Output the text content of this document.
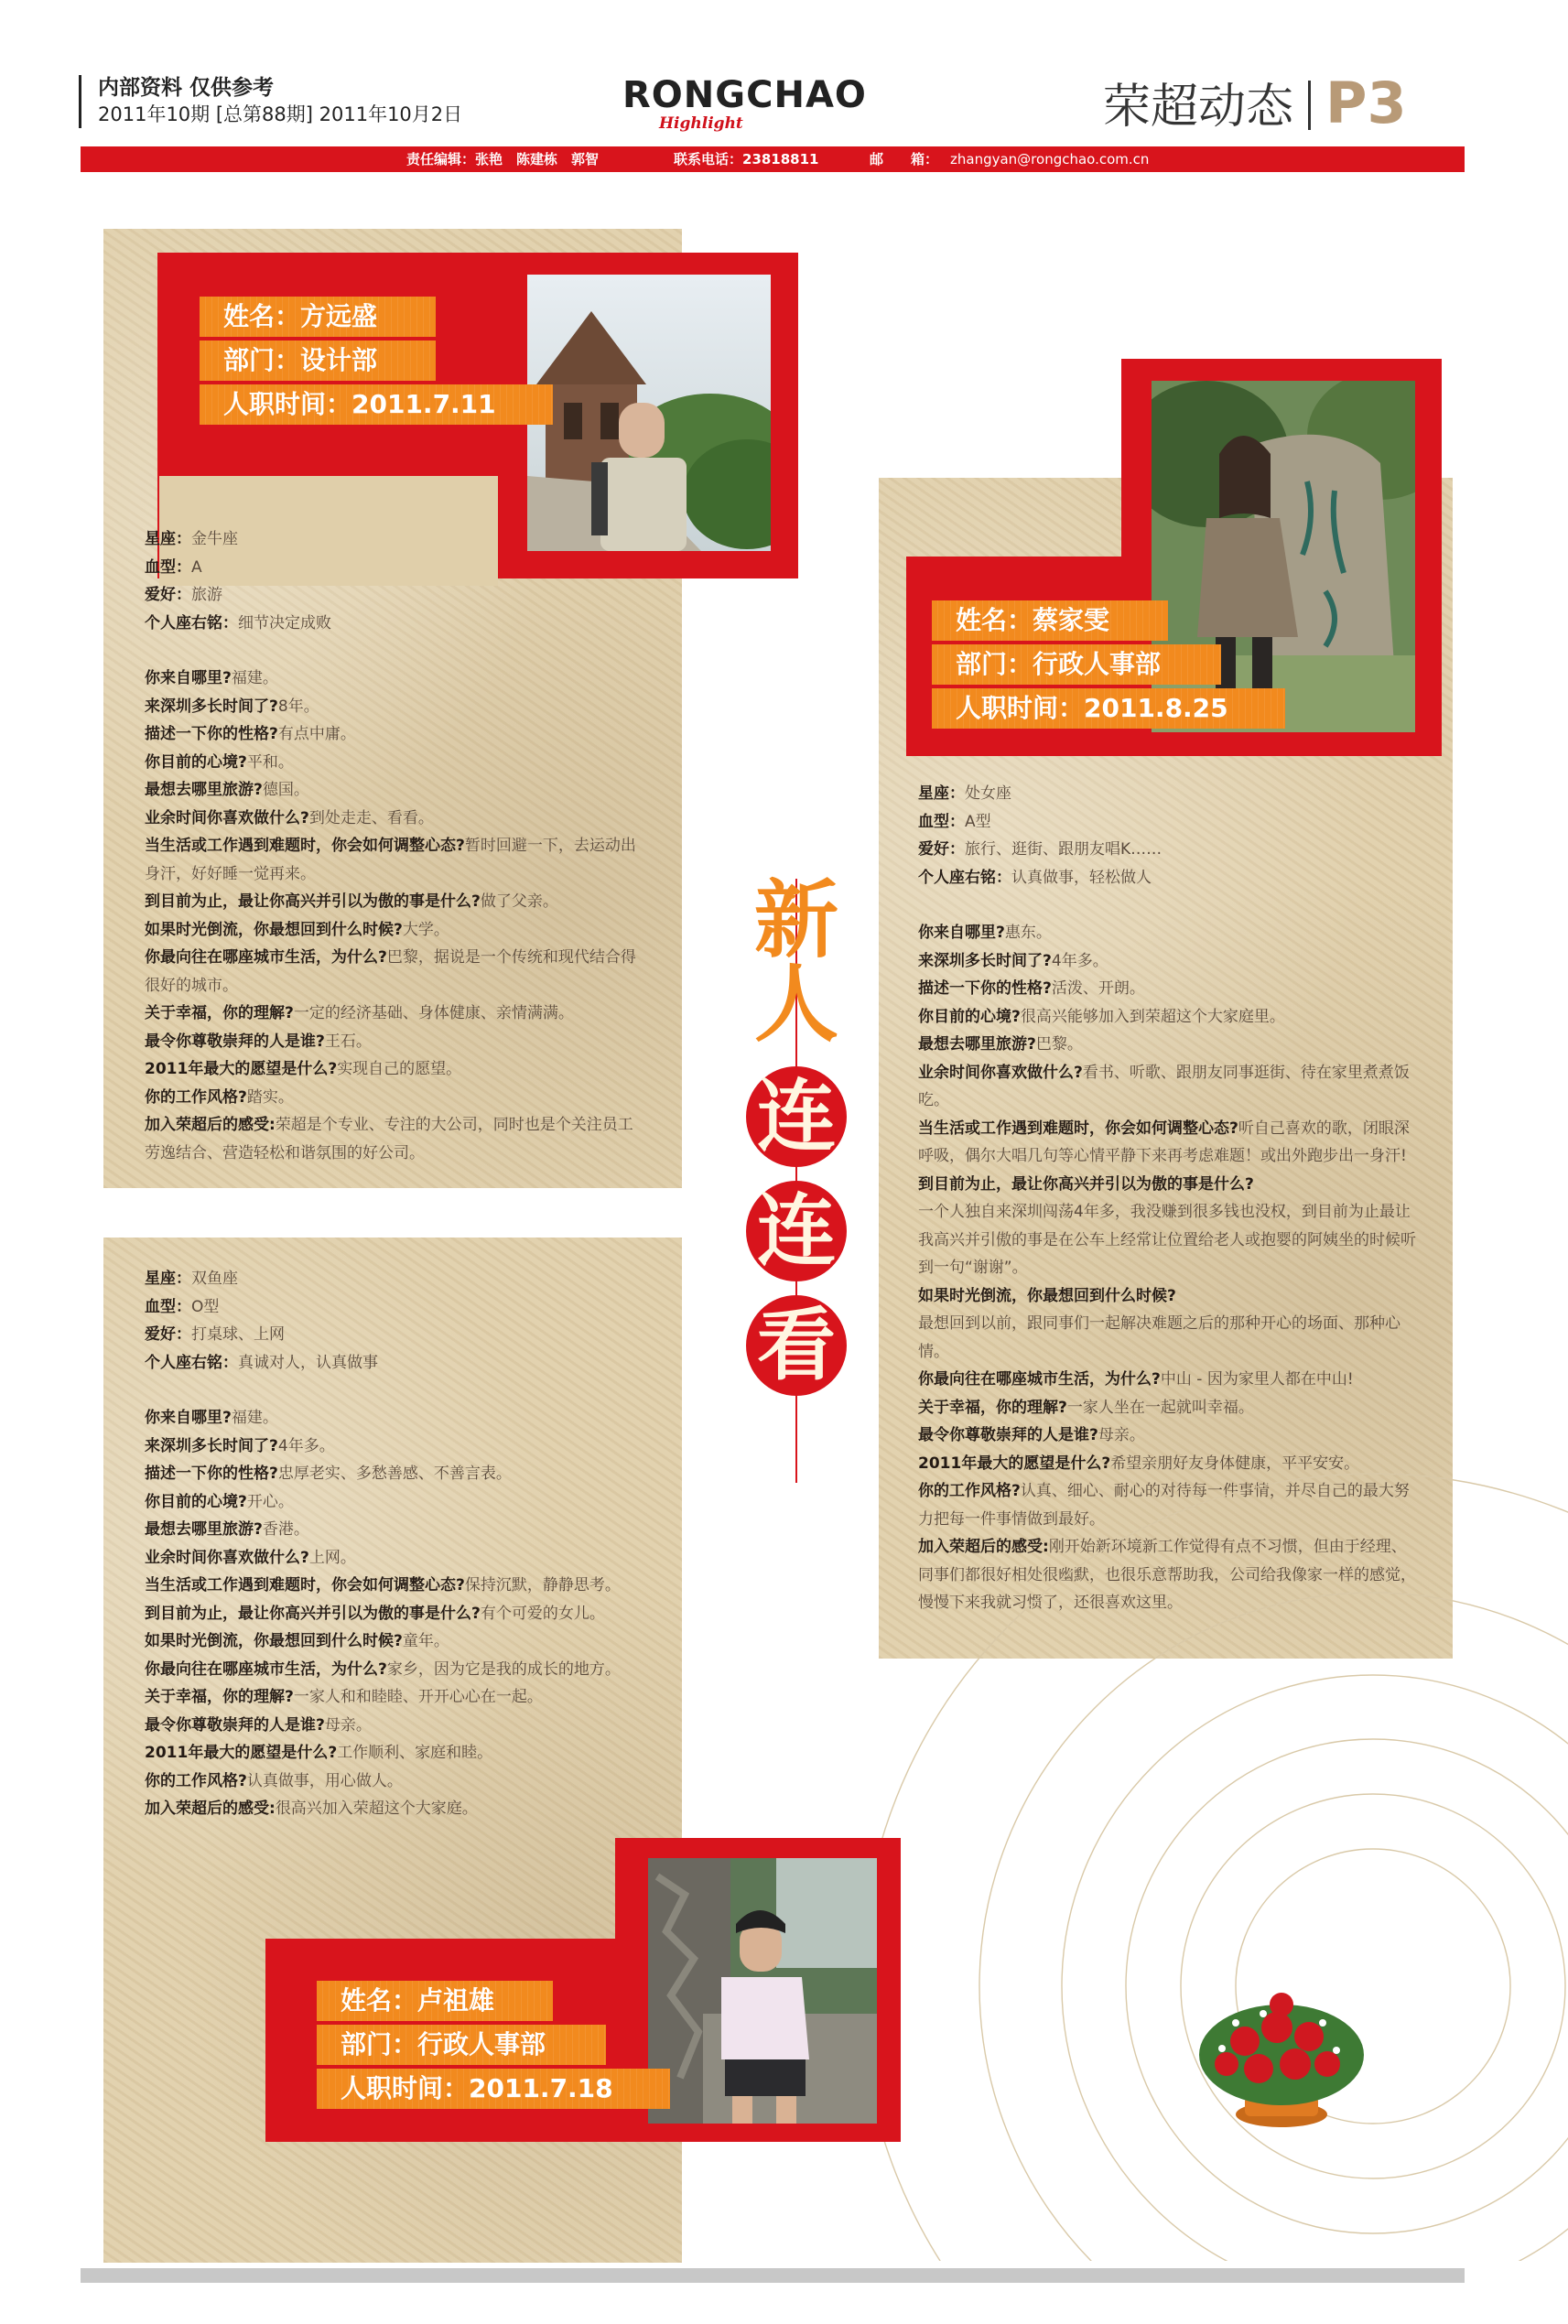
内部资料 仅供参考
2011年10期 [总第88期] 2011年10月2日	RONGCHAO
Highlight	荣超动态 P3
责任编辑：张艳　陈建栋　郭智	联系电话：23818811	邮　　箱： zhangyan@rongchao.com.cn
姓名：方远盛
部门：设计部
人职时间：2011.7.11
星座：金牛座
血型：A
爱好：旅游
个人座右铭：细节决定成败
你来自哪里?福建。
来深圳多长时间了?8年。
描述一下你的性格?有点中庸。
你目前的心境?平和。
最想去哪里旅游?德国。
业余时间你喜欢做什么?到处走走、看看。
当生活或工作遇到难题时，你会如何调整心态?暂时回避一下，去运动出身汗，好好睡一觉再来。
到目前为止，最让你高兴并引以为傲的事是什么?做了父亲。
如果时光倒流，你最想回到什么时候?大学。
你最向往在哪座城市生活，为什么?巴黎，据说是一个传统和现代结合得很好的城市。
关于幸福，你的理解?一定的经济基础、身体健康、亲情满满。
最令你尊敬崇拜的人是谁?王石。
2011年最大的愿望是什么?实现自己的愿望。
你的工作风格?踏实。
加入荣超后的感受:荣超是个专业、专注的大公司，同时也是个关注员工劳逸结合、营造轻松和谐氛围的好公司。
姓名：蔡家雯
部门：行政人事部
人职时间：2011.8.25
星座：处女座
血型：A型
爱好：旅行、逛街、跟朋友唱K……
个人座右铭：认真做事，轻松做人
你来自哪里?惠东。
来深圳多长时间了?4年多。
描述一下你的性格?活泼、开朗。
你目前的心境?很高兴能够加入到荣超这个大家庭里。
最想去哪里旅游?巴黎。
业余时间你喜欢做什么?看书、听歌、跟朋友同事逛街、待在家里煮煮饭吃。
当生活或工作遇到难题时，你会如何调整心态?听自己喜欢的歌，闭眼深呼吸，偶尔大唱几句等心情平静下来再考虑难题！或出外跑步出一身汗!
到目前为止，最让你高兴并引以为傲的事是什么?
一个人独自来深圳闯荡4年多，我没赚到很多钱也没权，到目前为止最让我高兴并引傲的事是在公车上经常让位置给老人或抱婴的阿姨坐的时候听到一句“谢谢”。
如果时光倒流，你最想回到什么时候?
最想回到以前，跟同事们一起解决难题之后的那种开心的场面、那种心情。
你最向往在哪座城市生活，为什么?中山 - 因为家里人都在中山!
关于幸福，你的理解?一家人坐在一起就叫幸福。
最令你尊敬崇拜的人是谁?母亲。
2011年最大的愿望是什么?希望亲朋好友身体健康，平平安安。
你的工作风格?认真、细心、耐心的对待每一件事情，并尽自己的最大努力把每一件事情做到最好。
加入荣超后的感受:刚开始新环境新工作觉得有点不习惯，但由于经理、同事们都很好相处很幽默，也很乐意帮助我，公司给我像家一样的感觉，慢慢下来我就习惯了，还很喜欢这里。
新
人
连
连
看
星座：双鱼座
血型：O型
爱好：打桌球、上网
个人座右铭：真诚对人，认真做事
你来自哪里?福建。
来深圳多长时间了?4年多。
描述一下你的性格?忠厚老实、多愁善感、不善言表。
你目前的心境?开心。
最想去哪里旅游?香港。
业余时间你喜欢做什么?上网。
当生活或工作遇到难题时，你会如何调整心态?保持沉默，静静思考。
到目前为止，最让你高兴并引以为傲的事是什么?有个可爱的女儿。
如果时光倒流，你最想回到什么时候?童年。
你最向往在哪座城市生活，为什么?家乡，因为它是我的成长的地方。
关于幸福，你的理解?一家人和和睦睦、开开心心在一起。
最令你尊敬崇拜的人是谁?母亲。
2011年最大的愿望是什么?工作顺利、家庭和睦。
你的工作风格?认真做事，用心做人。
加入荣超后的感受:很高兴加入荣超这个大家庭。
姓名：卢祖雄
部门：行政人事部
人职时间：2011.7.18
